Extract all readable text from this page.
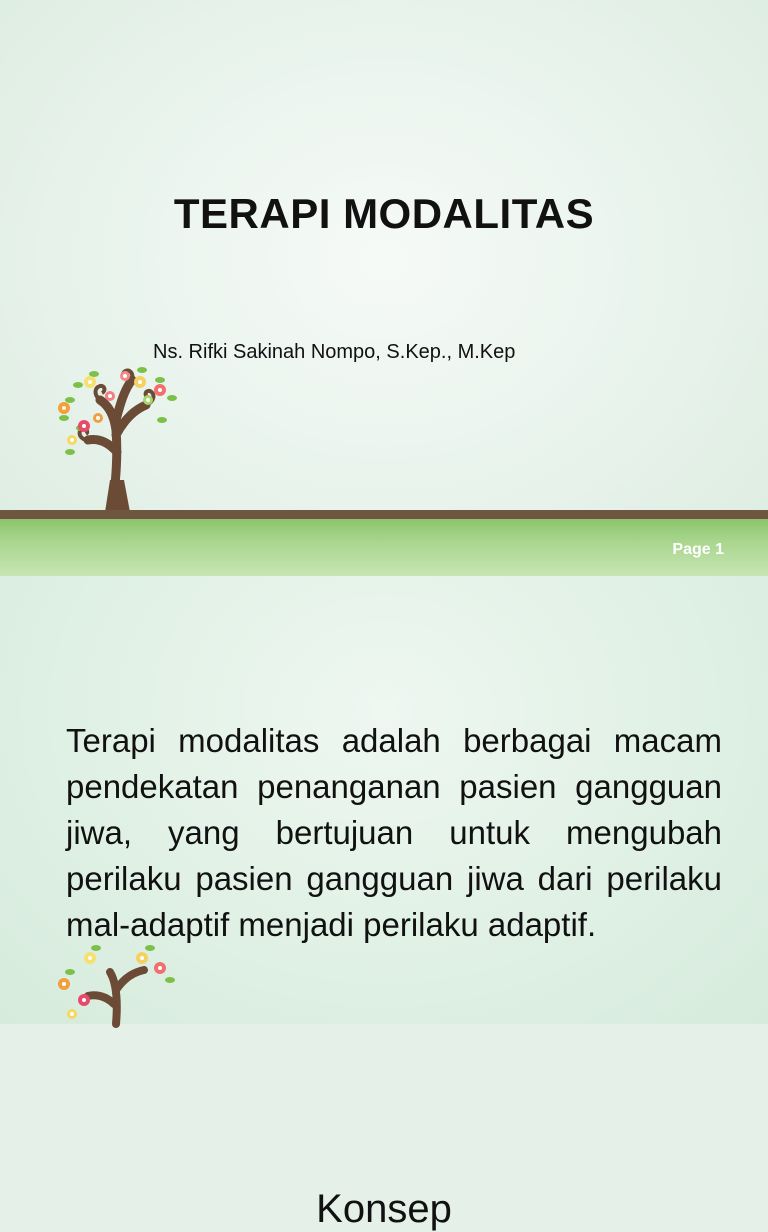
TERAPI MODALITAS
Ns. Rifki Sakinah Nompo, S.Kep., M.Kep
Page 1
Konsep
Terapi modalitas adalah berbagai macam pendekatan penanganan pasien gangguan jiwa, yang bertujuan untuk mengubah perilaku pasien gangguan jiwa dari perilaku mal-adaptif menjadi perilaku adaptif.
